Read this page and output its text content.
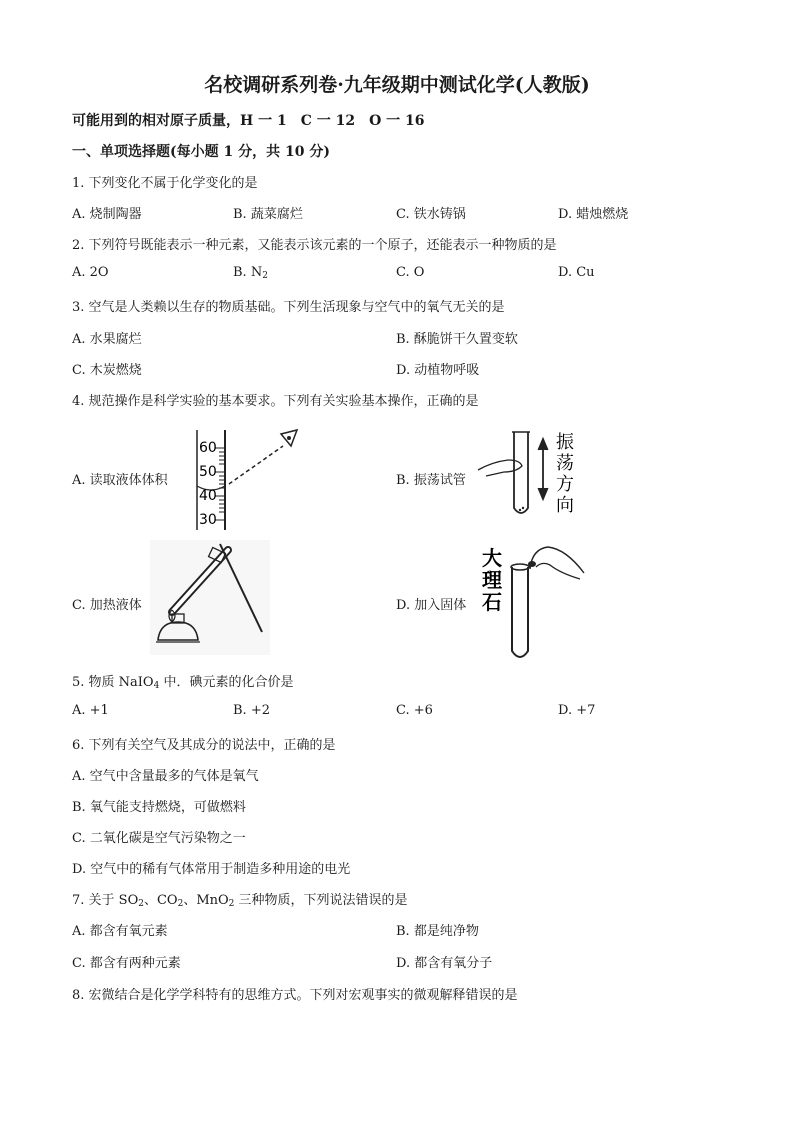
名校调研系列卷·九年级期中测试化学(人教版)
可能用到的相对原子质量，H 一 1　C 一 12　O 一 16
一、单项选择题(每小题 1 分，共 10 分)
1. 下列变化不属于化学变化的是
A. 烧制陶器	B. 蔬菜腐烂	C. 铁水铸锅	D. 蜡烛燃烧
2. 下列符号既能表示一种元素，又能表示该元素的一个原子，还能表示一种物质的是
A. 2O	B. $N_2$	C. O	D. Cu
3. 空气是人类赖以生存的物质基础。下列生活现象与空气中的氧气无关的是
A. 水果腐烂	B. 酥脆饼干久置变软
C. 木炭燃烧	D. 动植物呼吸
4. 规范操作是科学实验的基本要求。下列有关实验基本操作，正确的是
A. 读取液体体积	B. 振荡试管
C. 加热液体	D. 加入固体
60
50
40
30
振
荡
方
向
大
理
石
5. 物质 NaIO$_4$ 中．碘元素的化合价是
A. +1	B. +2	C. +6	D. +7
6. 下列有关空气及其成分的说法中，正确的是
A. 空气中含量最多的气体是氧气
B. 氧气能支持燃烧，可做燃料
C. 二氧化碳是空气污染物之一
D. 空气中的稀有气体常用于制造多种用途的电光
7. 关于 $SO_2$、$CO_2$、MnO$_2$ 三种物质，下列说法错误的是
A. 都含有氧元素	B. 都是纯净物
C. 都含有两种元素	D. 都含有氧分子
8. 宏微结合是化学学科特有的思维方式。下列对宏观事实的微观解释错误的是
